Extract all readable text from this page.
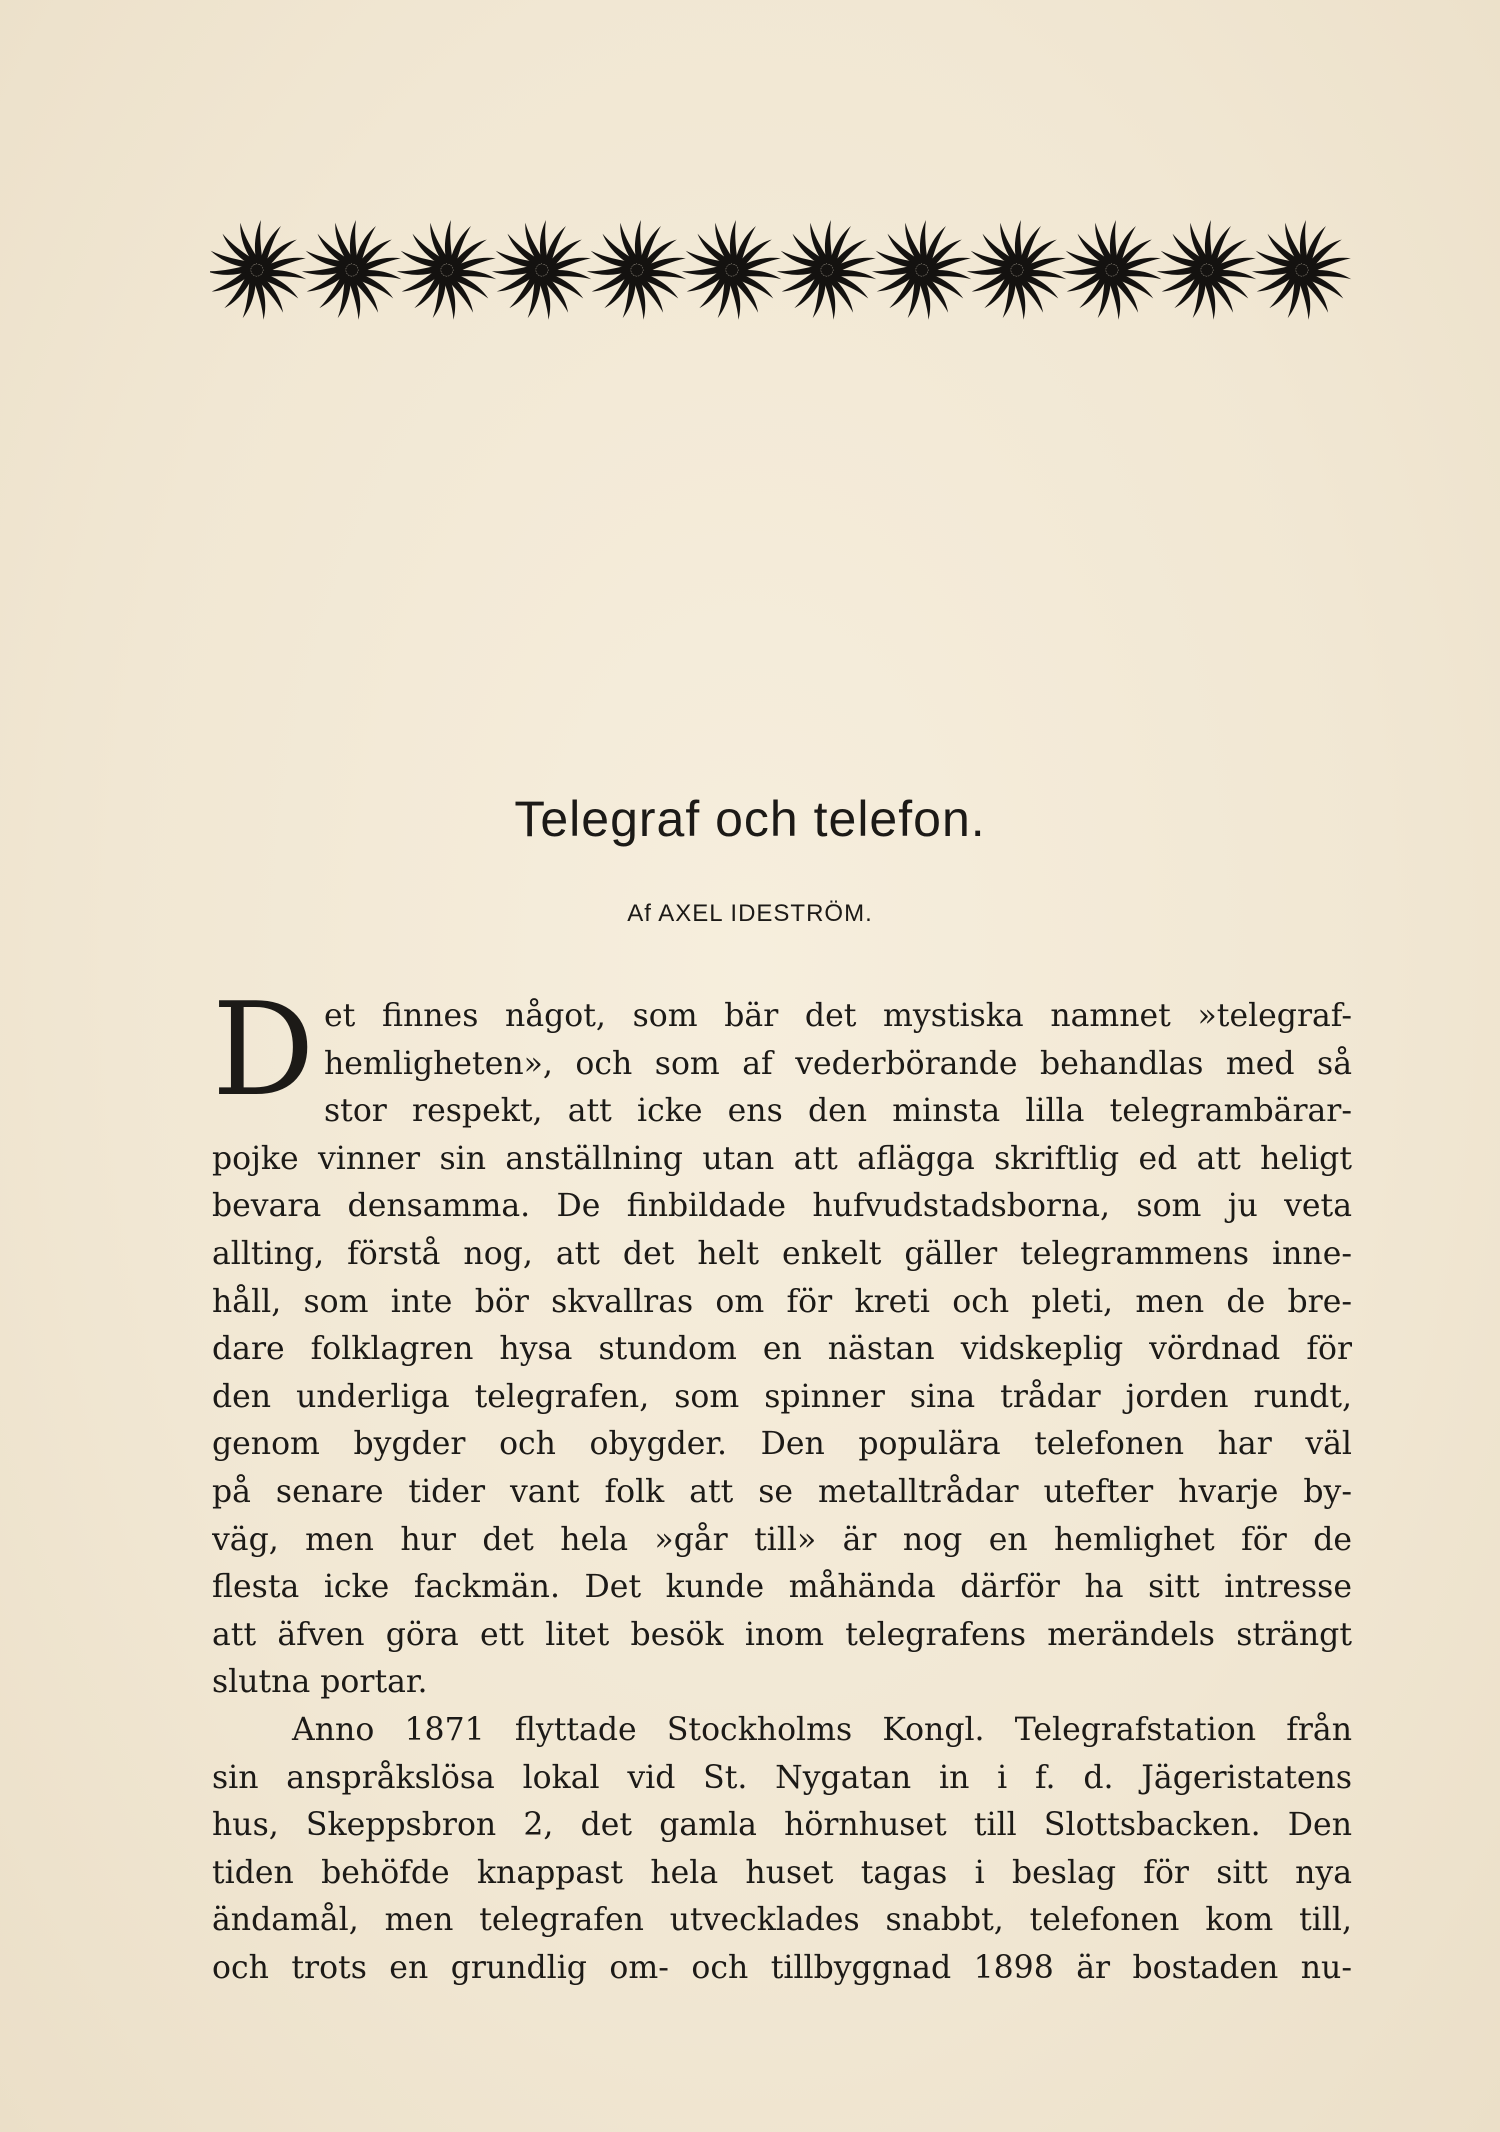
Telegraf och telefon.
Af AXEL IDESTRÖM.
D et finnes något, som bär det mystiska namnet »telegraf-
hemligheten», och som af vederbörande behandlas med så
stor respekt, att icke ens den minsta lilla telegrambärar-
pojke vinner sin anställning utan att aflägga skriftlig ed att heligt
bevara densamma. De finbildade hufvudstadsborna, som ju veta
allting, förstå nog, att det helt enkelt gäller telegrammens inne-
håll, som inte bör skvallras om för kreti och pleti, men de bre-
dare folklagren hysa stundom en nästan vidskeplig vördnad för
den underliga telegrafen, som spinner sina trådar jorden rundt,
genom bygder och obygder. Den populära telefonen har väl
på senare tider vant folk att se metalltrådar utefter hvarje by-
väg, men hur det hela »går till» är nog en hemlighet för de
flesta icke fackmän. Det kunde måhända därför ha sitt intresse
att äfven göra ett litet besök inom telegrafens merändels strängt
slutna portar.
Anno 1871 flyttade Stockholms Kongl. Telegrafstation från
sin anspråkslösa lokal vid St. Nygatan in i f. d. Jägeristatens
hus, Skeppsbron 2, det gamla hörnhuset till Slottsbacken. Den
tiden behöfde knappast hela huset tagas i beslag för sitt nya
ändamål, men telegrafen utvecklades snabbt, telefonen kom till,
och trots en grundlig om- och tillbyggnad 1898 är bostaden nu-
